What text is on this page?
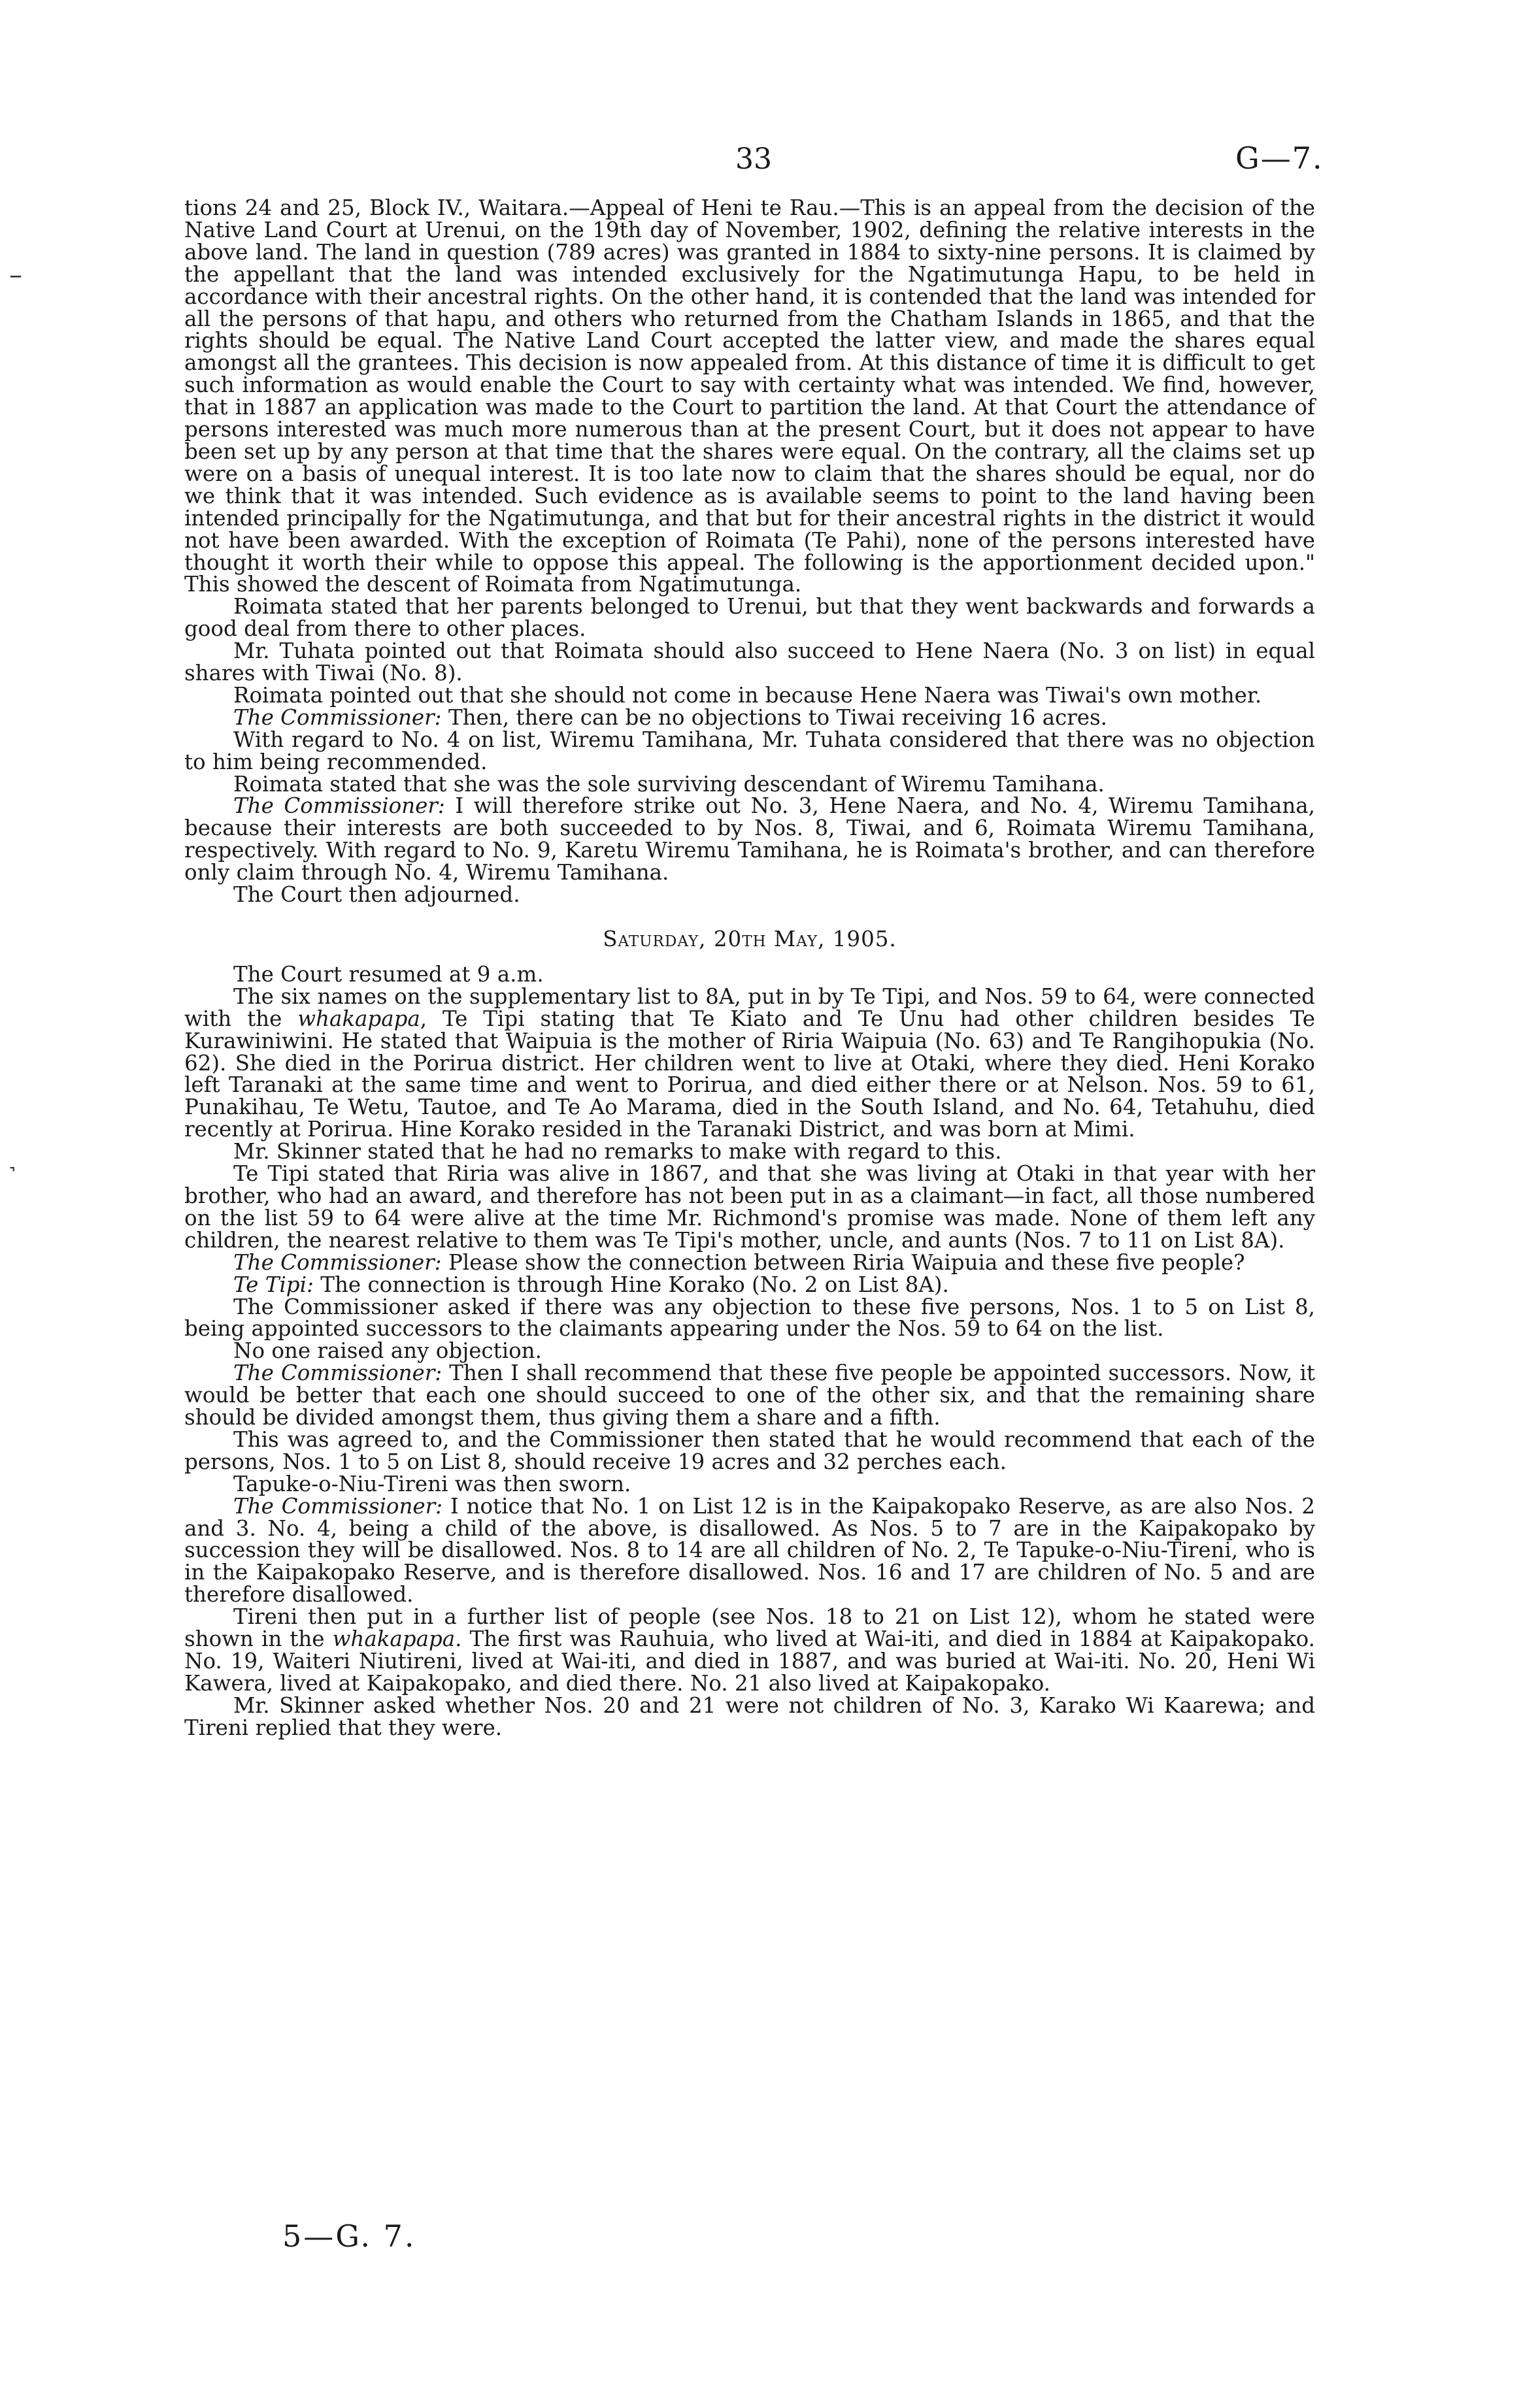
33	G—7.
–
˺

tions 24 and 25, Block IV., Waitara.—Appeal of Heni te Rau.—This is an appeal from the decision of the Native Land Court at Urenui, on the 19th day of November, 1902, defining the relative interests in the above land. The land in question (789 acres) was granted in 1884 to sixty-nine persons. It is claimed by the appellant that the land was intended exclusively for the Ngatimutunga Hapu, to be held in accordance with their ancestral rights. On the other hand, it is contended that the land was intended for all the persons of that hapu, and others who returned from the Chatham Islands in 1865, and that the rights should be equal. The Native Land Court accepted the latter view, and made the shares equal amongst all the grantees. This decision is now appealed from. At this distance of time it is difficult to get such information as would enable the Court to say with certainty what was intended. We find, however, that in 1887 an application was made to the Court to partition the land. At that Court the attendance of persons interested was much more numerous than at the present Court, but it does not appear to have been set up by any person at that time that the shares were equal. On the contrary, all the claims set up were on a basis of unequal interest. It is too late now to claim that the shares should be equal, nor do we think that it was intended. Such evidence as is available seems to point to the land having been intended principally for the Ngatimutunga, and that but for their ancestral rights in the district it would not have been awarded. With the exception of Roimata (Te Pahi), none of the persons interested have thought it worth their while to oppose this appeal. The following is the apportionment decided upon." This showed the descent of Roimata from Ngatimutunga.

Roimata stated that her parents belonged to Urenui, but that they went backwards and forwards a good deal from there to other places.

Mr. Tuhata pointed out that Roimata should also succeed to Hene Naera (No. 3 on list) in equal shares with Tiwai (No. 8).

Roimata pointed out that she should not come in because Hene Naera was Tiwai's own mother.

The Commissioner: Then, there can be no objections to Tiwai receiving 16 acres.

With regard to No. 4 on list, Wiremu Tamihana, Mr. Tuhata considered that there was no objection to him being recommended.

Roimata stated that she was the sole surviving descendant of Wiremu Tamihana.

The Commissioner: I will therefore strike out No. 3, Hene Naera, and No. 4, Wiremu Tamihana, because their interests are both succeeded to by Nos. 8, Tiwai, and 6, Roimata Wiremu Tamihana, respectively. With regard to No. 9, Karetu Wiremu Tamihana, he is Roimata's brother, and can therefore only claim through No. 4, Wiremu Tamihana.

The Court then adjourned.

Saturday, 20th May, 1905.

The Court resumed at 9 a.m.

The six names on the supplementary list to 8A, put in by Te Tipi, and Nos. 59 to 64, were connected with the whakapapa, Te Tipi stating that Te Kiato and Te Unu had other children besides Te Kurawiniwini. He stated that Waipuia is the mother of Riria Waipuia (No. 63) and Te Rangihopukia (No. 62). She died in the Porirua district. Her children went to live at Otaki, where they died. Heni Korako left Taranaki at the same time and went to Porirua, and died either there or at Nelson. Nos. 59 to 61, Punakihau, Te Wetu, Tautoe, and Te Ao Marama, died in the South Island, and No. 64, Tetahuhu, died recently at Porirua. Hine Korako resided in the Taranaki District, and was born at Mimi.

Mr. Skinner stated that he had no remarks to make with regard to this.

Te Tipi stated that Riria was alive in 1867, and that she was living at Otaki in that year with her brother, who had an award, and therefore has not been put in as a claimant—in fact, all those numbered on the list 59 to 64 were alive at the time Mr. Richmond's promise was made. None of them left any children, the nearest relative to them was Te Tipi's mother, uncle, and aunts (Nos. 7 to 11 on List 8A).

The Commissioner: Please show the connection between Riria Waipuia and these five people?

Te Tipi: The connection is through Hine Korako (No. 2 on List 8A).

The Commissioner asked if there was any objection to these five persons, Nos. 1 to 5 on List 8, being appointed successors to the claimants appearing under the Nos. 59 to 64 on the list.

No one raised any objection.

The Commissioner: Then I shall recommend that these five people be appointed successors. Now, it would be better that each one should succeed to one of the other six, and that the remaining share should be divided amongst them, thus giving them a share and a fifth.

This was agreed to, and the Commissioner then stated that he would recommend that each of the persons, Nos. 1 to 5 on List 8, should receive 19 acres and 32 perches each.

Tapuke-o-Niu-Tireni was then sworn.

The Commissioner: I notice that No. 1 on List 12 is in the Kaipakopako Reserve, as are also Nos. 2 and 3. No. 4, being a child of the above, is disallowed. As Nos. 5 to 7 are in the Kaipakopako by succession they will be disallowed. Nos. 8 to 14 are all children of No. 2, Te Tapuke-o-Niu-Tireni, who is in the Kaipakopako Reserve, and is therefore disallowed. Nos. 16 and 17 are children of No. 5 and are therefore disallowed.

Tireni then put in a further list of people (see Nos. 18 to 21 on List 12), whom he stated were shown in the whakapapa. The first was Rauhuia, who lived at Wai-iti, and died in 1884 at Kaipakopako. No. 19, Waiteri Niutireni, lived at Wai-iti, and died in 1887, and was buried at Wai-iti. No. 20, Heni Wi Kawera, lived at Kaipakopako, and died there. No. 21 also lived at Kaipakopako.

Mr. Skinner asked whether Nos. 20 and 21 were not children of No. 3, Karako Wi Kaarewa; and Tireni replied that they were.

5—G. 7.
